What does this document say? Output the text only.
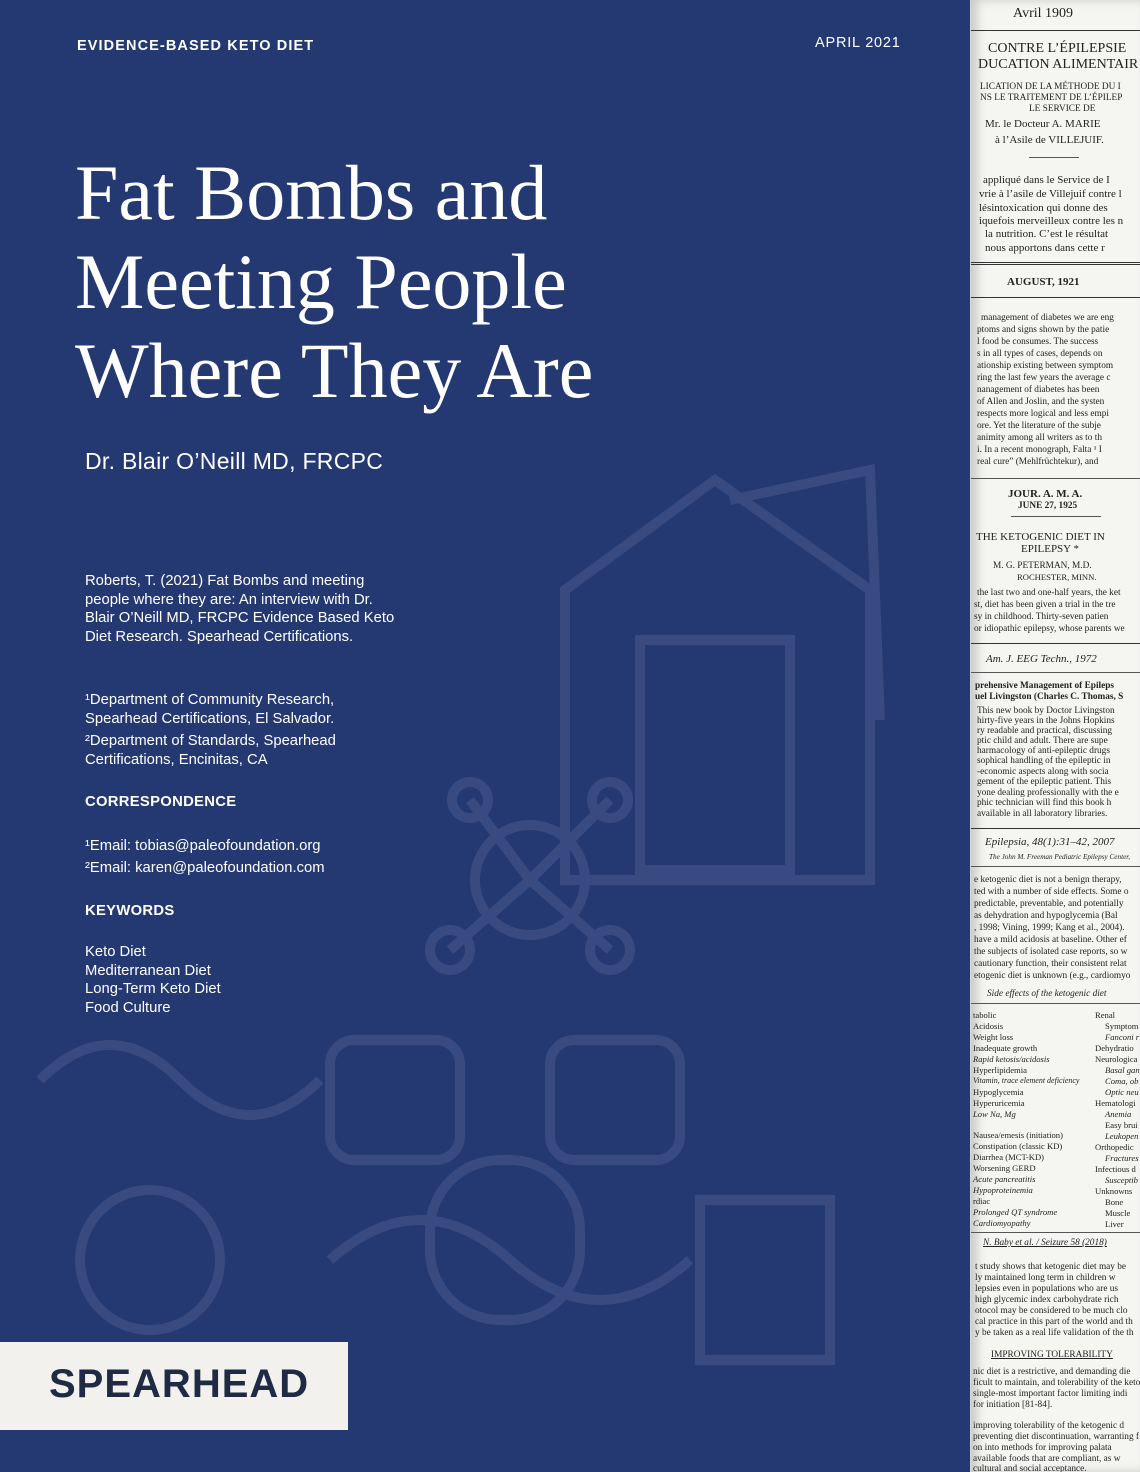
EVIDENCE-BASED KETO DIET	APRIL 2021
Fat Bombs and
Meeting People
Where They Are
Dr. Blair O’Neill MD, FRCPC
Roberts, T. (2021) Fat Bombs and meeting people where they are: An interview with Dr. Blair O’Neill MD, FRCPC Evidence Based Keto Diet Research. Spearhead Certifications.
¹Department of Community Research, Spearhead Certifications, El Salvador.
²Department of Standards, Spearhead Certifications, Encinitas, CA
CORRESPONDENCE
¹Email: tobias@paleofoundation.org
²Email: karen@paleofoundation.com
KEYWORDS
Keto Diet
Mediterranean Diet
Long-Term Keto Diet
Food Culture
SPEARHEAD
Avril 1909
CONTRE L’ÉPILEPSIE
DUCATION ALIMENTAIR
LICATION DE LA MÉTHODE DU I
NS LE TRAITEMENT DE L’ÉPILEP
LE SERVICE DE
Mr. le Docteur A. MARIE
à l’Asile de VILLEJUIF.
appliqué dans le Service de I
vrie à l’asile de Villejuif contre l
lésintoxication qui donne des
iquefois merveilleux contre les n
la nutrition. C’est le résultat
nous apportons dans cette r
AUGUST, 1921
management of diabetes we are eng
ptoms and signs shown by the patie
l food be consumes. The success
s in all types of cases, depends on
ationship existing between symptom
ring the last few years the average c
nanagement of diabetes has been
of Allen and Joslin, and the systen
respects more logical and less empi
ore. Yet the literature of the subje
animity among all writers as to th
i. In a recent monograph, Falta ¹ I
real cure” (Mehlfrüchtekur), and
JOUR. A. M. A.
JUNE 27, 1925
THE KETOGENIC DIET IN
EPILEPSY *
M. G. PETERMAN, M.D.
ROCHESTER, MINN.
the last two and one-half years, the ket
st, diet has been given a trial in the tre
sy in childhood. Thirty-seven patien
or idiopathic epilepsy, whose parents we
Am. J. EEG Techn., 1972
prehensive Management of Epileps
uel Livingston (Charles C. Thomas, S
This new book by Doctor Livingston
hirty-five years in the Johns Hopkins
ry readable and practical, discussing
ptic child and adult. There are supe
harmacology of anti-epileptic drugs
sophical handling of the epileptic in
-economic aspects along with socia
gement of the epileptic patient. This
yone dealing professionally with the e
phic technician will find this book h
available in all laboratory libraries.
Epilepsia, 48(1):31–42, 2007
The John M. Freeman Pediatric Epilepsy Center,
e ketogenic diet is not a benign therapy,
ted with a number of side effects. Some o
predictable, preventable, and potentially
as dehydration and hypoglycemia (Bal
, 1998; Vining, 1999; Kang et al., 2004).
have a mild acidosis at baseline. Other ef
the subjects of isolated case reports, so w
cautionary function, their consistent relat
etogenic diet is unknown (e.g., cardiomyo
Side effects of the ketogenic diet
tabolic
Acidosis
Weight loss
Inadequate growth
Rapid ketosis/acidosis
Hyperlipidemia
Vitamin, trace element deficiency
Hypoglycemia
Hyperuricemia
Low Na, Mg
Nausea/emesis (initiation)
Constipation (classic KD)
Diarrhea (MCT-KD)
Worsening GERD
Acute pancreatitis
Hypoproteinemia
rdiac
Prolonged QT syndrome
Cardiomyopathy
Renal
Symptom
Fanconi r
Dehydratio
Neurologica
Basal gan
Coma, ob
Optic neu
Hematologi
Anemia
Easy brui
Leukopen
Orthopedic
Fractures
Infectious d
Susceptib
Unknowns
Bone
Muscle
Liver
N. Baby et al. / Seizure 58 (2018)
t study shows that ketogenic diet may be
ly maintained long term in children w
lepsies even in populations who are us
high glycemic index carbohydrate rich
otocol may be considered to be much clo
cal practice in this part of the world and th
y be taken as a real life validation of the th
IMPROVING TOLERABILITY
nic diet is a restrictive, and demanding die
ficult to maintain, and tolerability of the keto
single-most important factor limiting indi
for initiation [81-84].
improving tolerability of the ketogenic d
preventing diet discontinuation, warranting f
on into methods for improving palata
available foods that are compliant, as w
cultural and social acceptance.
